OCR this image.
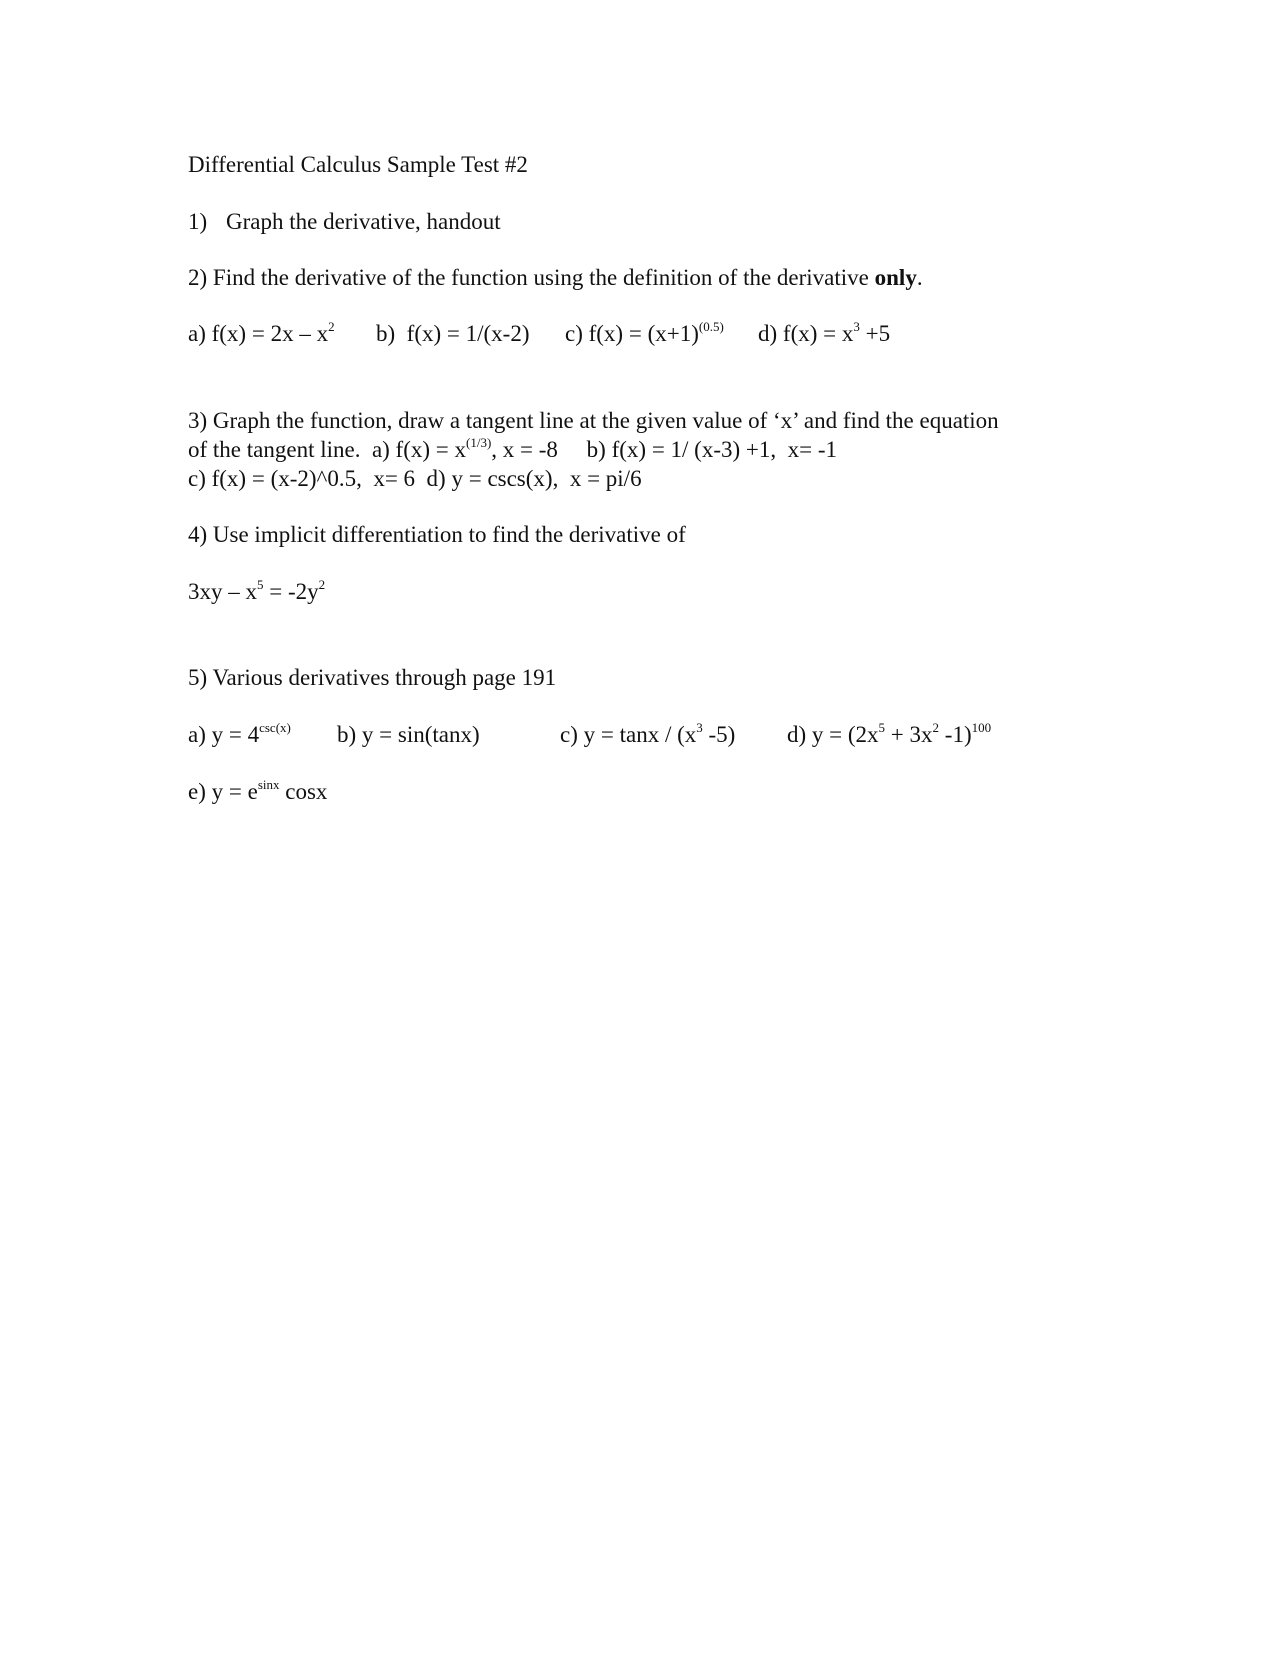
Differential Calculus Sample Test #2
1) Graph the derivative, handout
2) Find the derivative of the function using the definition of the derivative only.
a) $f(x) = 2x - x^2$ b)  f(x) = 1/(x-2) c) $f(x) = (x+1)^{(0.5)}$ d) $f(x) = x^3 +5$
3) Graph the function, draw a tangent line at the given value of ‘x’ and find the equation
of the tangent line.  a) $f(x) = x^{(1/3)}$, x = -8     b) f(x) = 1/ (x-3) +1,  x= -1
c) f(x) = (x-2)^0.5,  x= 6  d) y = cscs(x),  x = pi/6
4) Use implicit differentiation to find the derivative of
$3xy - x^5 = -2y^2$
5) Various derivatives through page 191
a) $y = 4^{csc(x)}$ b) y = sin(tanx)	c) $y = \tan x / (x^3$ -5) d) $y = (2x^5 + 3x^2$ -1)$^{100}$
e) $y = e^{sinx}$ cosx
